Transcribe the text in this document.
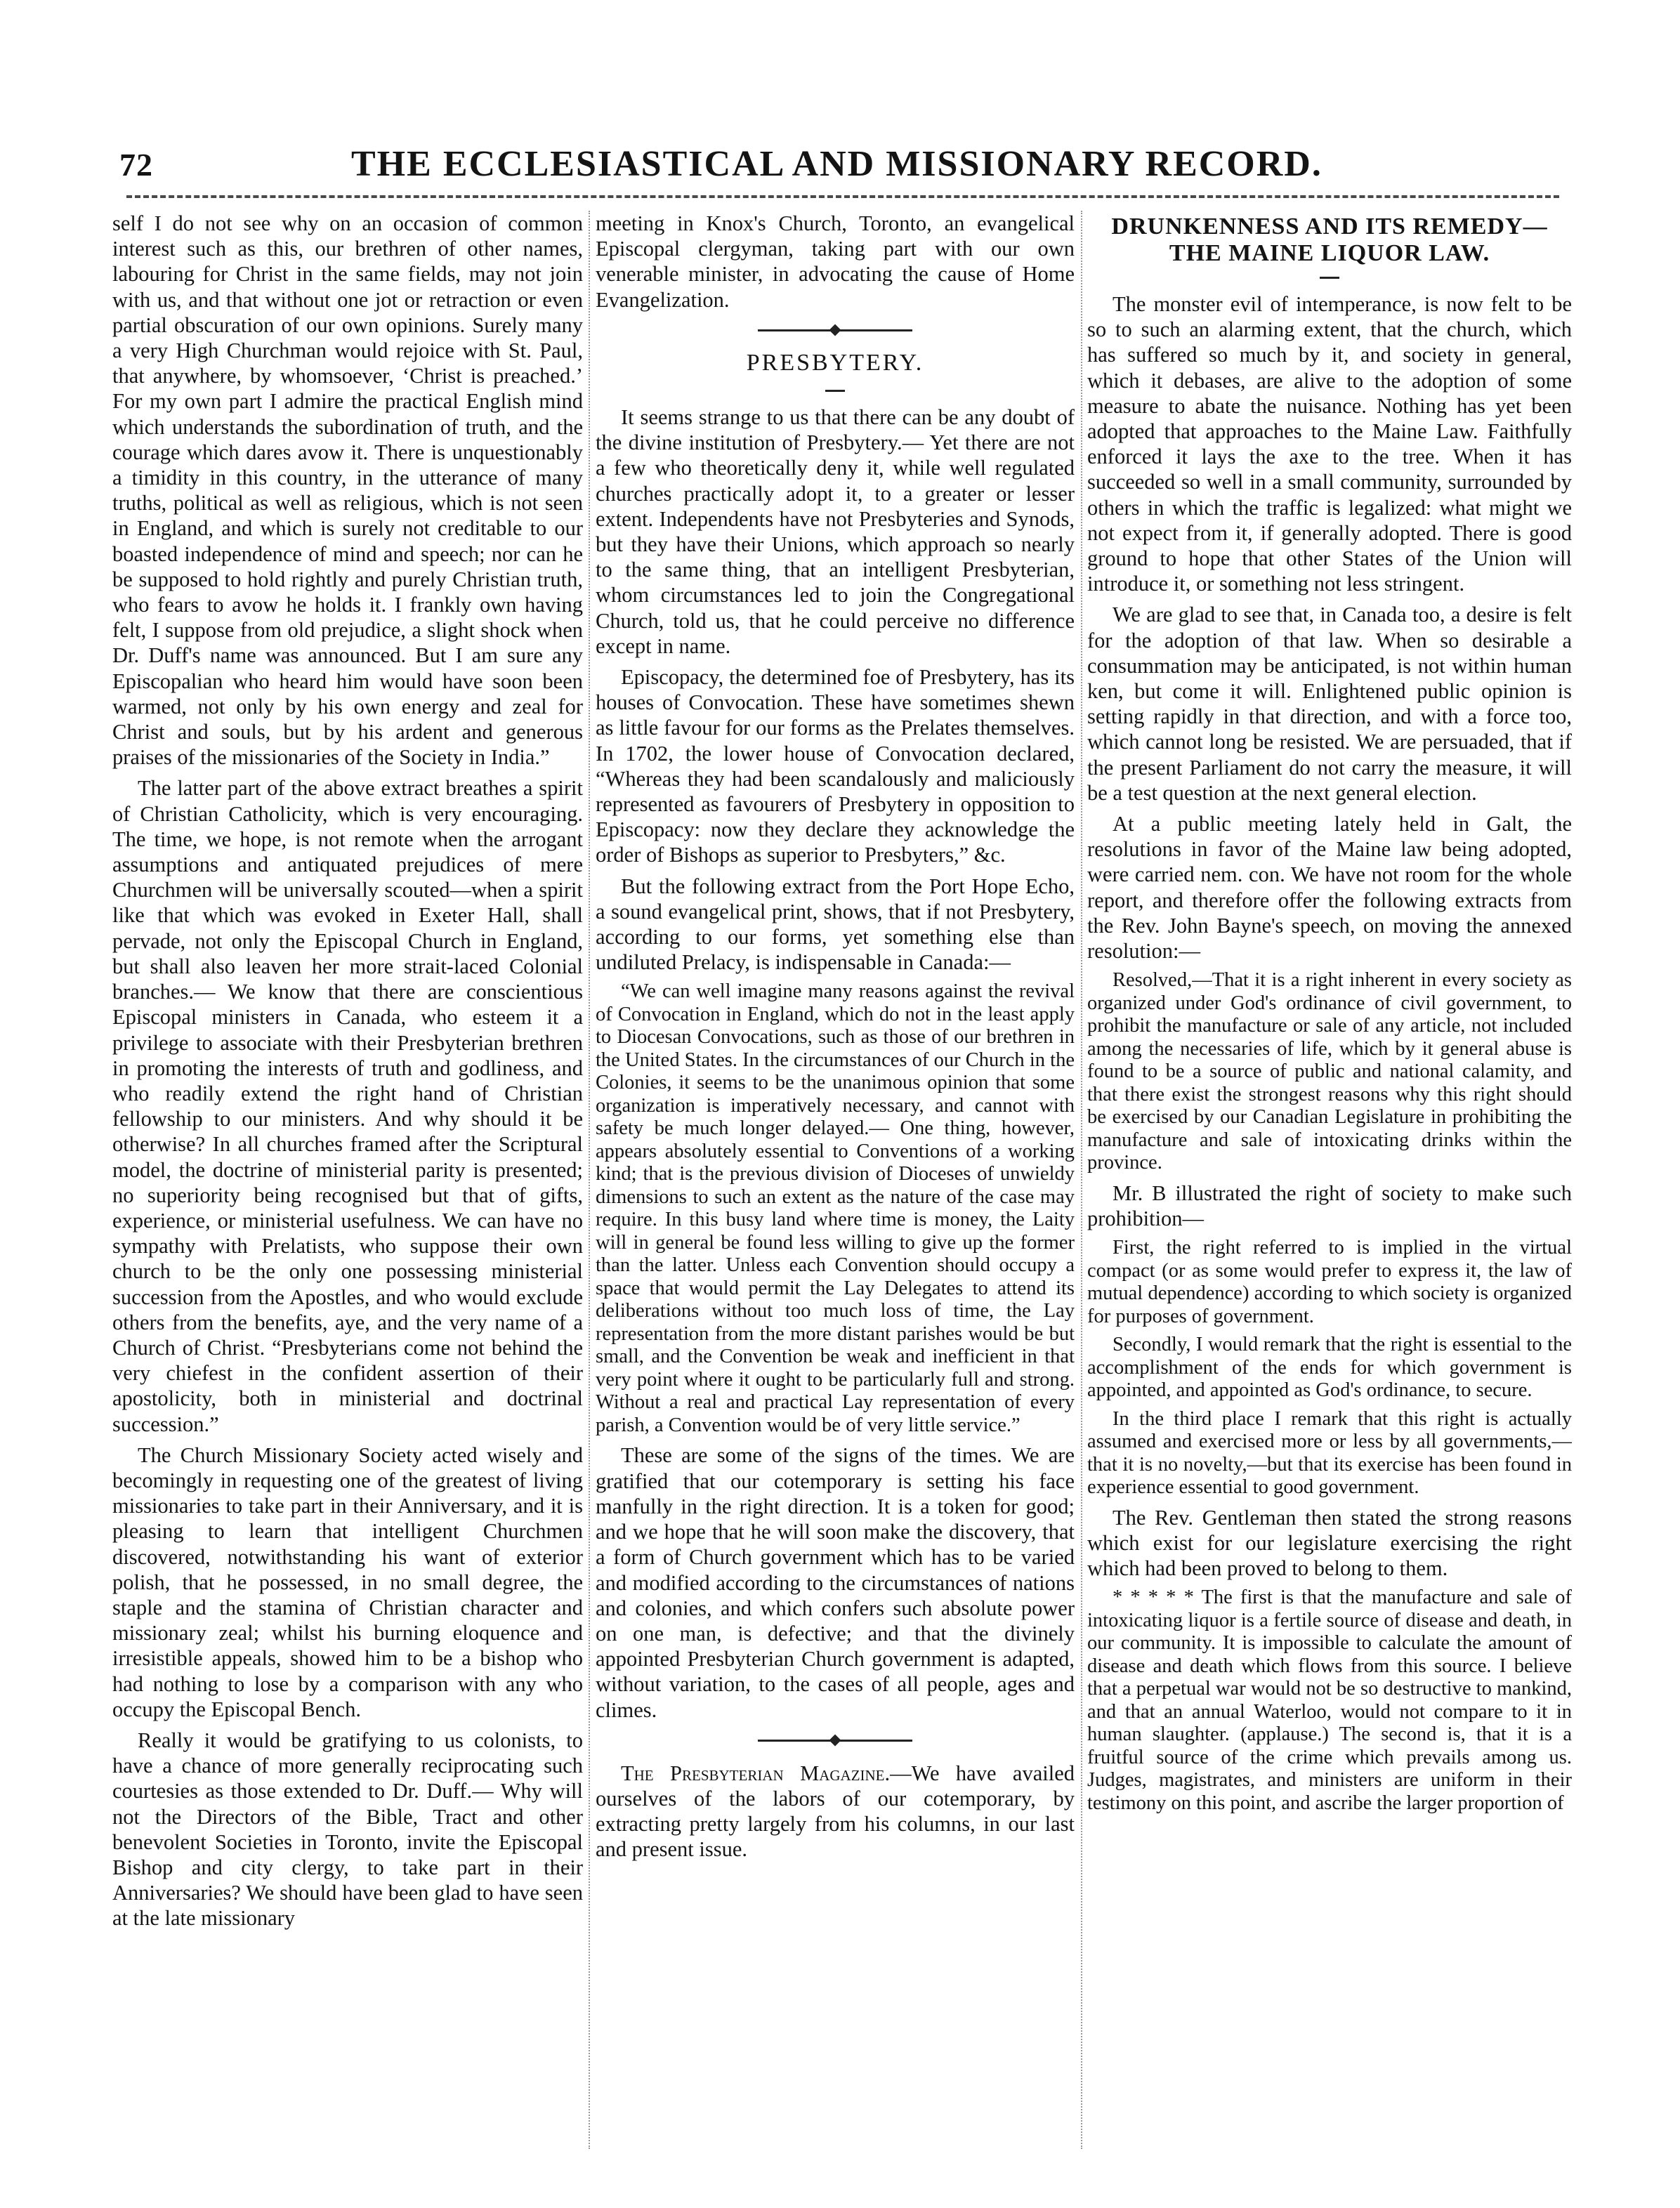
72	THE ECCLESIASTICAL AND MISSIONARY RECORD.

self I do not see why on an occasion of common interest such as this, our brethren of other names, labouring for Christ in the same fields, may not join with us, and that without one jot or retraction or even partial obscuration of our own opinions. Surely many a very High Churchman would rejoice with St. Paul, that anywhere, by whomsoever, ‘Christ is preached.’ For my own part I admire the practical English mind which understands the subordination of truth, and the courage which dares avow it. There is unquestionably a timidity in this country, in the utterance of many truths, political as well as religious, which is not seen in England, and which is surely not creditable to our boasted independence of mind and speech; nor can he be supposed to hold rightly and purely Christian truth, who fears to avow he holds it. I frankly own having felt, I suppose from old prejudice, a slight shock when Dr. Duff's name was announced. But I am sure any Episcopalian who heard him would have soon been warmed, not only by his own energy and zeal for Christ and souls, but by his ardent and generous praises of the missionaries of the Society in India.”

The latter part of the above extract breathes a spirit of Christian Catholicity, which is very encouraging. The time, we hope, is not remote when the arrogant assumptions and antiquated prejudices of mere Churchmen will be universally scouted—when a spirit like that which was evoked in Exeter Hall, shall pervade, not only the Episcopal Church in England, but shall also leaven her more strait-laced Colonial branches.— We know that there are conscientious Episcopal ministers in Canada, who esteem it a privilege to associate with their Presbyterian brethren in promoting the interests of truth and godliness, and who readily extend the right hand of Christian fellowship to our ministers. And why should it be otherwise? In all churches framed after the Scriptural model, the doctrine of ministerial parity is presented; no superiority being recognised but that of gifts, experience, or ministerial usefulness. We can have no sympathy with Prelatists, who suppose their own church to be the only one possessing ministerial succession from the Apostles, and who would exclude others from the benefits, aye, and the very name of a Church of Christ. “Presbyterians come not behind the very chiefest in the confident assertion of their apostolicity, both in ministerial and doctrinal succession.”

The Church Missionary Society acted wisely and becomingly in requesting one of the greatest of living missionaries to take part in their Anniversary, and it is pleasing to learn that intelligent Churchmen discovered, notwithstanding his want of exterior polish, that he possessed, in no small degree, the staple and the stamina of Christian character and missionary zeal; whilst his burning eloquence and irresistible appeals, showed him to be a bishop who had nothing to lose by a comparison with any who occupy the Episcopal Bench.

Really it would be gratifying to us colonists, to have a chance of more generally reciprocating such courtesies as those extended to Dr. Duff.— Why will not the Directors of the Bible, Tract and other benevolent Societies in Toronto, invite the Episcopal Bishop and city clergy, to take part in their Anniversaries? We should have been glad to have seen at the late missionary

meeting in Knox's Church, Toronto, an evangelical Episcopal clergyman, taking part with our own venerable minister, in advocating the cause of Home Evangelization.

PRESBYTERY.

It seems strange to us that there can be any doubt of the divine institution of Presbytery.— Yet there are not a few who theoretically deny it, while well regulated churches practically adopt it, to a greater or lesser extent. Independents have not Presbyteries and Synods, but they have their Unions, which approach so nearly to the same thing, that an intelligent Presbyterian, whom circumstances led to join the Congregational Church, told us, that he could perceive no difference except in name.

Episcopacy, the determined foe of Presbytery, has its houses of Convocation. These have sometimes shewn as little favour for our forms as the Prelates themselves. In 1702, the lower house of Convocation declared, “Whereas they had been scandalously and maliciously represented as favourers of Presbytery in opposition to Episcopacy: now they declare they acknowledge the order of Bishops as superior to Presbyters,” &c.

But the following extract from the Port Hope Echo, a sound evangelical print, shows, that if not Presbytery, according to our forms, yet something else than undiluted Prelacy, is indispensable in Canada:—

“We can well imagine many reasons against the revival of Convocation in England, which do not in the least apply to Diocesan Convocations, such as those of our brethren in the United States. In the circumstances of our Church in the Colonies, it seems to be the unanimous opinion that some organization is imperatively necessary, and cannot with safety be much longer delayed.— One thing, however, appears absolutely essential to Conventions of a working kind; that is the previous division of Dioceses of unwieldy dimensions to such an extent as the nature of the case may require. In this busy land where time is money, the Laity will in general be found less willing to give up the former than the latter. Unless each Convention should occupy a space that would permit the Lay Delegates to attend its deliberations without too much loss of time, the Lay representation from the more distant parishes would be but small, and the Convention be weak and inefficient in that very point where it ought to be particularly full and strong. Without a real and practical Lay representation of every parish, a Convention would be of very little service.”

These are some of the signs of the times. We are gratified that our cotemporary is setting his face manfully in the right direction. It is a token for good; and we hope that he will soon make the discovery, that a form of Church government which has to be varied and modified according to the circumstances of nations and colonies, and which confers such absolute power on one man, is defective; and that the divinely appointed Presbyterian Church government is adapted, without variation, to the cases of all people, ages and climes.

The Presbyterian Magazine.—We have availed ourselves of the labors of our cotemporary, by extracting pretty largely from his columns, in our last and present issue.

DRUNKENNESS AND ITS REMEDY— THE MAINE LIQUOR LAW.

The monster evil of intemperance, is now felt to be so to such an alarming extent, that the church, which has suffered so much by it, and society in general, which it debases, are alive to the adoption of some measure to abate the nuisance. Nothing has yet been adopted that approaches to the Maine Law. Faithfully enforced it lays the axe to the tree. When it has succeeded so well in a small community, surrounded by others in which the traffic is legalized: what might we not expect from it, if generally adopted. There is good ground to hope that other States of the Union will introduce it, or something not less stringent.

We are glad to see that, in Canada too, a desire is felt for the adoption of that law. When so desirable a consummation may be anticipated, is not within human ken, but come it will. Enlightened public opinion is setting rapidly in that direction, and with a force too, which cannot long be resisted. We are persuaded, that if the present Parliament do not carry the measure, it will be a test question at the next general election.

At a public meeting lately held in Galt, the resolutions in favor of the Maine law being adopted, were carried nem. con. We have not room for the whole report, and therefore offer the following extracts from the Rev. John Bayne's speech, on moving the annexed resolution:—

Resolved,—That it is a right inherent in every society as organized under God's ordinance of civil government, to prohibit the manufacture or sale of any article, not included among the necessaries of life, which by it general abuse is found to be a source of public and national calamity, and that there exist the strongest reasons why this right should be exercised by our Canadian Legislature in prohibiting the manufacture and sale of intoxicating drinks within the province.

Mr. B illustrated the right of society to make such prohibition—

First, the right referred to is implied in the virtual compact (or as some would prefer to express it, the law of mutual dependence) according to which society is organized for purposes of government.

Secondly, I would remark that the right is essential to the accomplishment of the ends for which government is appointed, and appointed as God's ordinance, to secure.

In the third place I remark that this right is actually assumed and exercised more or less by all governments,—that it is no novelty,—but that its exercise has been found in experience essential to good government.

The Rev. Gentleman then stated the strong reasons which exist for our legislature exercising the right which had been proved to belong to them.

* * * * * The first is that the manufacture and sale of intoxicating liquor is a fertile source of disease and death, in our community. It is impossible to calculate the amount of disease and death which flows from this source. I believe that a perpetual war would not be so destructive to mankind, and that an annual Waterloo, would not compare to it in human slaughter. (applause.) The second is, that it is a fruitful source of the crime which prevails among us. Judges, magistrates, and ministers are uniform in their testimony on this point, and ascribe the larger proportion of
